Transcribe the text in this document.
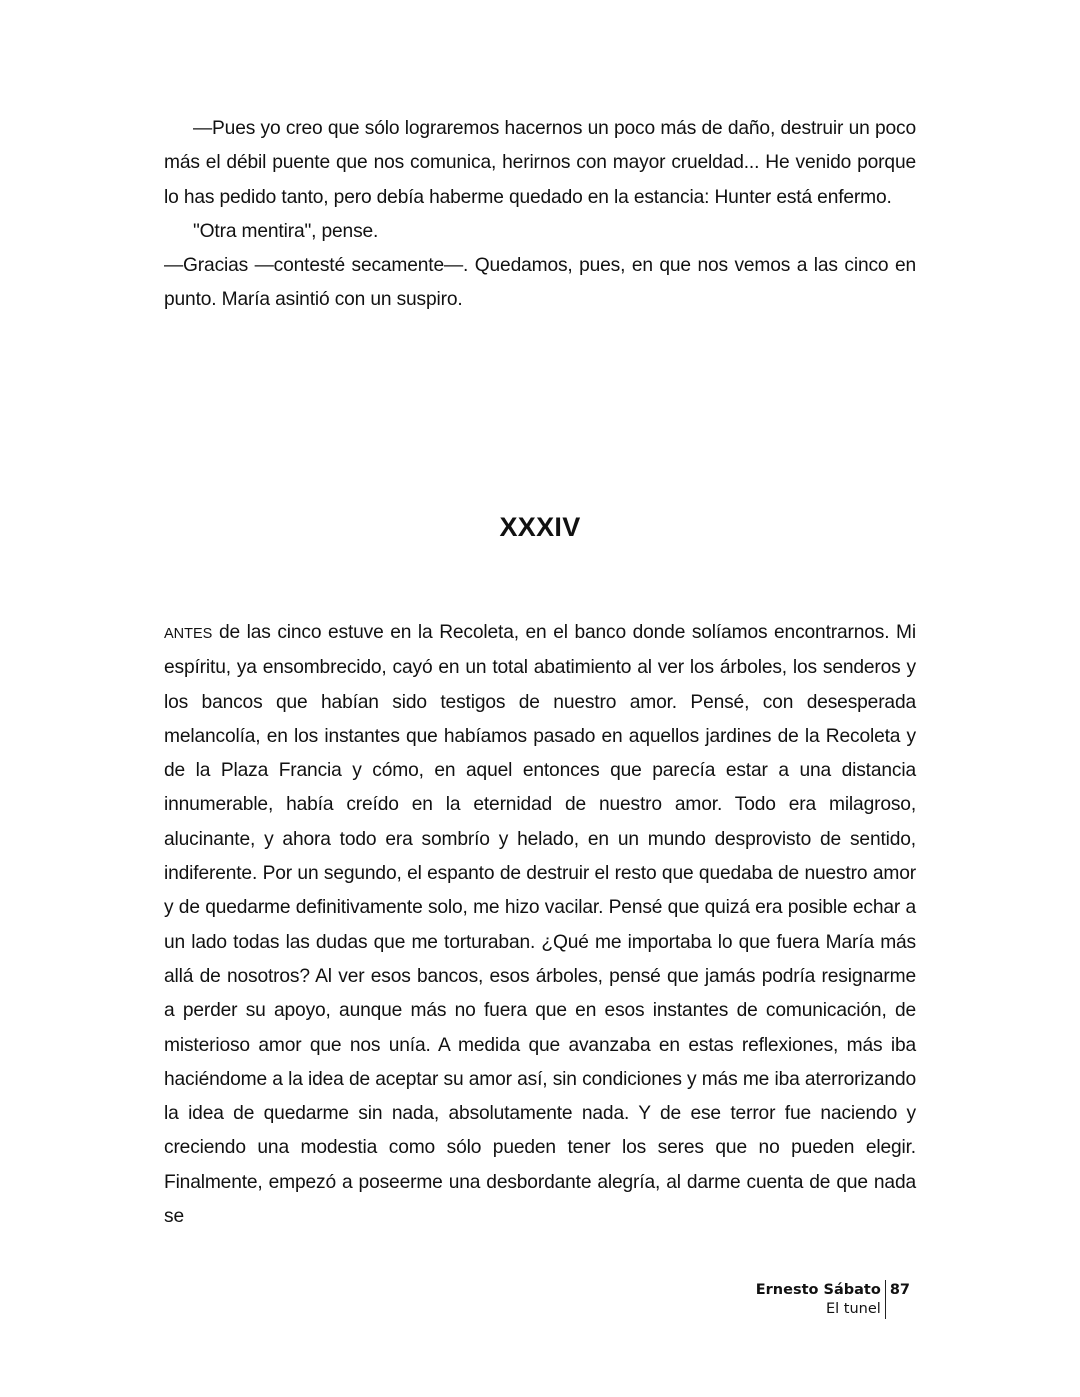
—Pues yo creo que sólo lograremos hacernos un poco más de daño, destruir un poco más el débil puente que nos comunica, herirnos con mayor crueldad... He venido porque lo has pedido tanto, pero debía haberme quedado en la estancia: Hunter está enfermo.

"Otra mentira", pense.

—Gracias —contesté secamente—. Quedamos, pues, en que nos vemos a las cinco en punto. María asintió con un suspiro.

XXXIV

ANTES de las cinco estuve en la Recoleta, en el banco donde solíamos encontrarnos. Mi espíritu, ya ensombrecido, cayó en un total abatimiento al ver los árboles, los senderos y los bancos que habían sido testigos de nuestro amor. Pensé, con desesperada melancolía, en los instantes que habíamos pasado en aquellos jardines de la Recoleta y de la Plaza Francia y cómo, en aquel entonces que parecía estar a una distancia innumerable, había creído en la eternidad de nuestro amor. Todo era milagroso, alucinante, y ahora todo era sombrío y helado, en un mundo desprovisto de sentido, indiferente. Por un segundo, el espanto de destruir el resto que quedaba de nuestro amor y de quedarme definitivamente solo, me hizo vacilar. Pensé que quizá era posible echar a un lado todas las dudas que me torturaban. ¿Qué me importaba lo que fuera María más allá de nosotros? Al ver esos bancos, esos árboles, pensé que jamás podría resignarme a perder su apoyo, aunque más no fuera que en esos instantes de comunicación, de misterioso amor que nos unía. A medida que avanzaba en estas reflexiones, más iba haciéndome a la idea de aceptar su amor así, sin condiciones y más me iba aterrorizando la idea de quedarme sin nada, absolutamente nada. Y de ese terror fue naciendo y creciendo una modestia como sólo pueden tener los seres que no pueden elegir. Finalmente, empezó a poseerme una desbordante alegría, al darme cuenta de que nada se

Ernesto Sábato
El tunel
87
